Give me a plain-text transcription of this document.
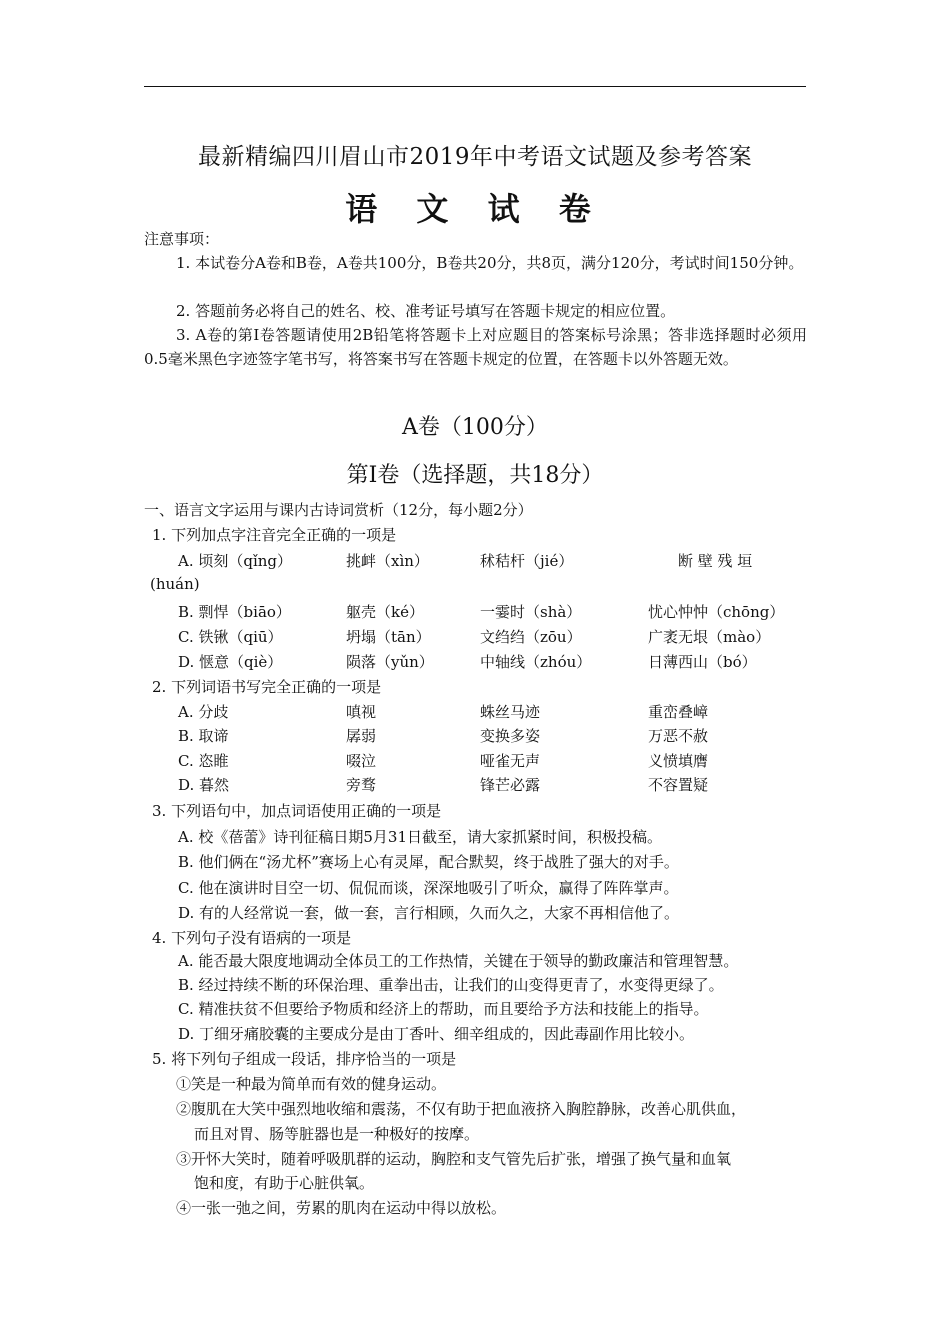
最新精编四川眉山市2019年中考语文试题及参考答案
语 文 试 卷
注意事项：
1. 本试卷分A卷和B卷，A卷共100分，B卷共20分，共8页，满分120分，考试时间150分钟。
2. 答题前务必将自己的姓名、校、准考证号填写在答题卡规定的相应位置。
3. A卷的第Ⅰ卷答题请使用2B铅笔将答题卡上对应题目的答案标号涂黑；答非选择题时必须用0.5毫米黑色字迹签字笔书写，将答案书写在答题卡规定的位置，在答题卡以外答题无效。
A卷（100分）
第Ⅰ卷（选择题，共18分）
一、语言文字运用与课内古诗词赏析（12分，每小题2分）
1. 下列加点字注音完全正确的一项是
A. 顷刻（qǐng）	挑衅（xìn）	秫秸杆（jié）	断 壁 残 垣
(huán)
B. 剽悍（biāo）	躯壳（ké）	一霎时（shà）	忧心忡忡（chōng）
C. 铁锹（qiū）	坍塌（tān）	文绉绉（zōu）	广袤无垠（mào）
D. 惬意（qiè）	陨落（yǔn）	中轴线（zhóu）	日薄西山（bó）
2. 下列词语书写完全正确的一项是
A. 分歧	嗔视	蛛丝马迹	重峦叠嶂
B. 取谛	孱弱	变换多姿	万恶不赦
C. 恣睢	啜泣	哑雀无声	义愤填膺
D. 暮然	旁骛	锋芒必露	不容置疑
3. 下列语句中，加点词语使用正确的一项是
A. 校《蓓蕾》诗刊征稿日期5月31日截至，请大家抓紧时间，积极投稿。
B. 他们俩在“汤尤杯”赛场上心有灵犀，配合默契，终于战胜了强大的对手。
C. 他在演讲时目空一切、侃侃而谈，深深地吸引了听众，赢得了阵阵掌声。
D. 有的人经常说一套，做一套，言行相顾，久而久之，大家不再相信他了。
4. 下列句子没有语病的一项是
A. 能否最大限度地调动全体员工的工作热情，关键在于领导的勤政廉洁和管理智慧。
B. 经过持续不断的环保治理、重拳出击，让我们的山变得更青了，水变得更绿了。
C. 精准扶贫不但要给予物质和经济上的帮助，而且要给予方法和技能上的指导。
D. 丁细牙痛胶囊的主要成分是由丁香叶、细辛组成的，因此毒副作用比较小。
5. 将下列句子组成一段话，排序恰当的一项是
①笑是一种最为简单而有效的健身运动。
②腹肌在大笑中强烈地收缩和震荡，不仅有助于把血液挤入胸腔静脉，改善心肌供血，
而且对胃、肠等脏器也是一种极好的按摩。
③开怀大笑时，随着呼吸肌群的运动，胸腔和支气管先后扩张，增强了换气量和血氧
饱和度，有助于心脏供氧。
④一张一弛之间，劳累的肌肉在运动中得以放松。
